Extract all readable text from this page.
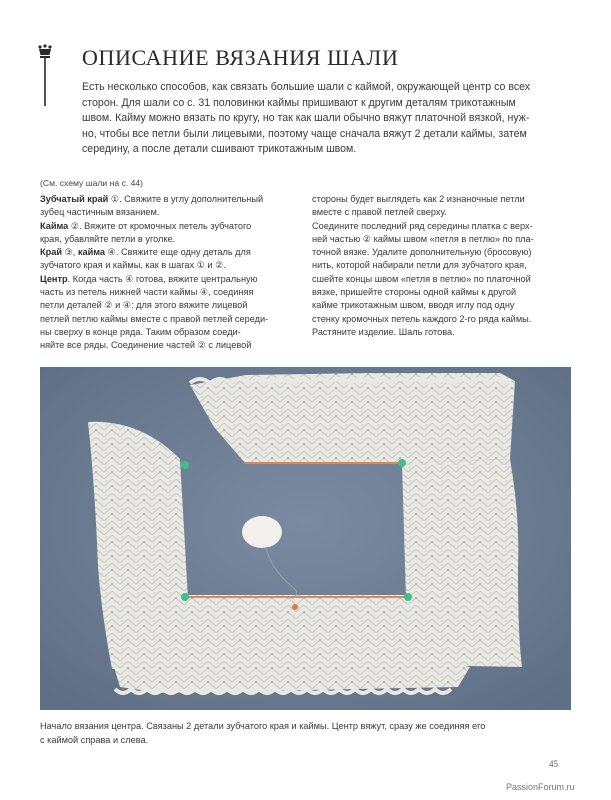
ОПИСАНИЕ ВЯЗАНИЯ ШАЛИ

Есть несколько способов, как связать большие шали с каймой, окружающей центр со всех
сторон. Для шали со с. 31 половинки каймы пришивают к другим деталям трикотажным
швом. Кайму можно вязать по кругу, но так как шали обычно вяжут платочной вязкой, нуж-
но, чтобы все петли были лицевыми, поэтому чаще сначала вяжут 2 детали каймы, затем
середину, а после детали сшивают трикотажным швом.

(См. схему шали на с. 44)
Зубчатый край ①. Свяжите в углу дополнительный
зубец частичным вязанием.
Кайма ②. Вяжите от кромочных петель зубчатого
края, убавляйте петли в уголке.
Край ③, кайма ④. Свяжите еще одну деталь для
зубчатого края и каймы, как в шагах ① и ②.
Центр. Когда часть ④ готова, вяжите центральную
часть из петель нижней части каймы ④, соединяя
петли деталей ② и ④: для этого вяжите лицевой
петлей петлю каймы вместе с правой петлей середи-
ны сверху в конце ряда. Таким образом соеди-
няйте все ряды. Соединение частей ② с лицевой
стороны будет выглядеть как 2 изнаночные петли
вместе с правой петлей сверху.
Соедините последний ряд середины платка с верх-
ней частью ② каймы швом «петля в петлю» по пла-
точной вязке. Удалите дополнительную (бросовую)
нить, которой набирали петли для зубчатого края,
сшейте концы швом «петля в петлю» по платочной
вязке, пришейте стороны одной каймы к другой
кайме трикотажным швом, вводя иглу под одну
стенку кромочных петель каждого 2-го ряда каймы.
Растяните изделие. Шаль готова.
Начало вязания центра. Связаны 2 детали зубчатого края и каймы. Центр вяжут, сразу же соединяя его
с каймой справа и слева.
45
PassionForum.ru
